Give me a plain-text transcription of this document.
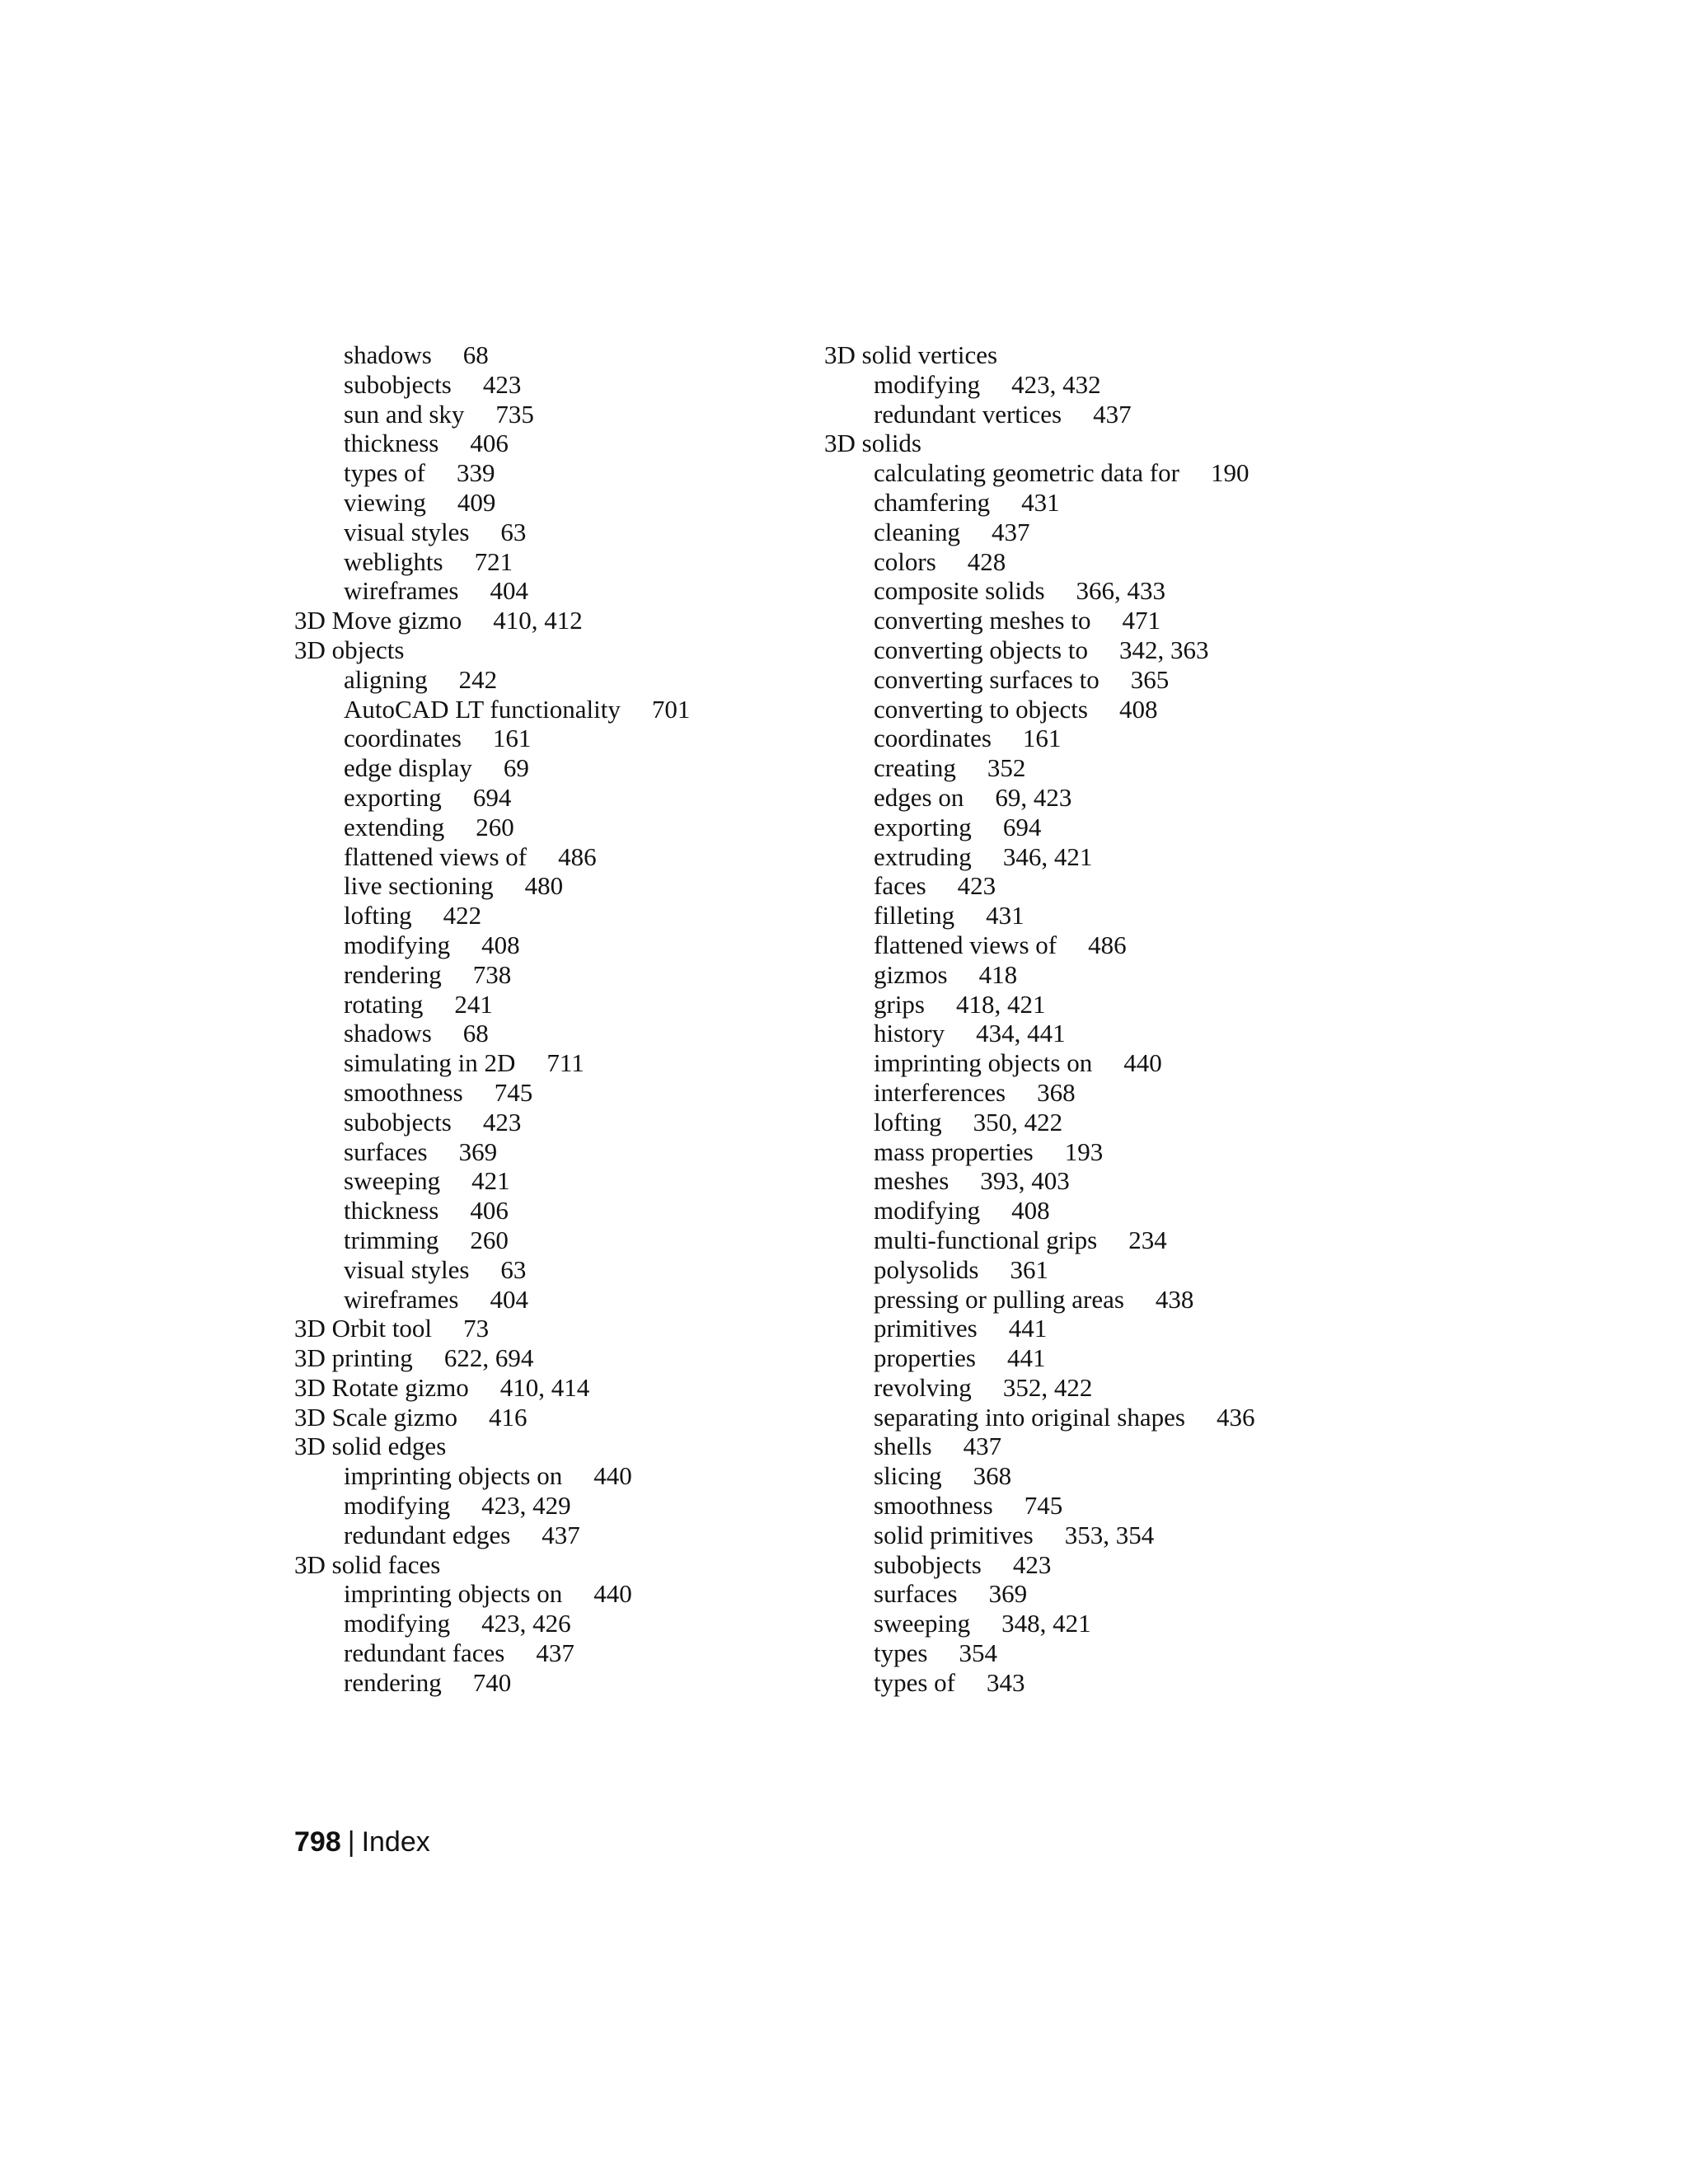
shadows 68
subobjects 423
sun and sky 735
thickness 406
types of 339
viewing 409
visual styles 63
weblights 721
wireframes 404
3D Move gizmo 410, 412
3D objects
aligning 242
AutoCAD LT functionality 701
coordinates 161
edge display 69
exporting 694
extending 260
flattened views of 486
live sectioning 480
lofting 422
modifying 408
rendering 738
rotating 241
shadows 68
simulating in 2D 711
smoothness 745
subobjects 423
surfaces 369
sweeping 421
thickness 406
trimming 260
visual styles 63
wireframes 404
3D Orbit tool 73
3D printing 622, 694
3D Rotate gizmo 410, 414
3D Scale gizmo 416
3D solid edges
imprinting objects on 440
modifying 423, 429
redundant edges 437
3D solid faces
imprinting objects on 440
modifying 423, 426
redundant faces 437
rendering 740
3D solid vertices
modifying 423, 432
redundant vertices 437
3D solids
calculating geometric data for 190
chamfering 431
cleaning 437
colors 428
composite solids 366, 433
converting meshes to 471
converting objects to 342, 363
converting surfaces to 365
converting to objects 408
coordinates 161
creating 352
edges on 69, 423
exporting 694
extruding 346, 421
faces 423
filleting 431
flattened views of 486
gizmos 418
grips 418, 421
history 434, 441
imprinting objects on 440
interferences 368
lofting 350, 422
mass properties 193
meshes 393, 403
modifying 408
multi-functional grips 234
polysolids 361
pressing or pulling areas 438
primitives 441
properties 441
revolving 352, 422
separating into original shapes 436
shells 437
slicing 368
smoothness 745
solid primitives 353, 354
subobjects 423
surfaces 369
sweeping 348, 421
types 354
types of 343
798 | Index
